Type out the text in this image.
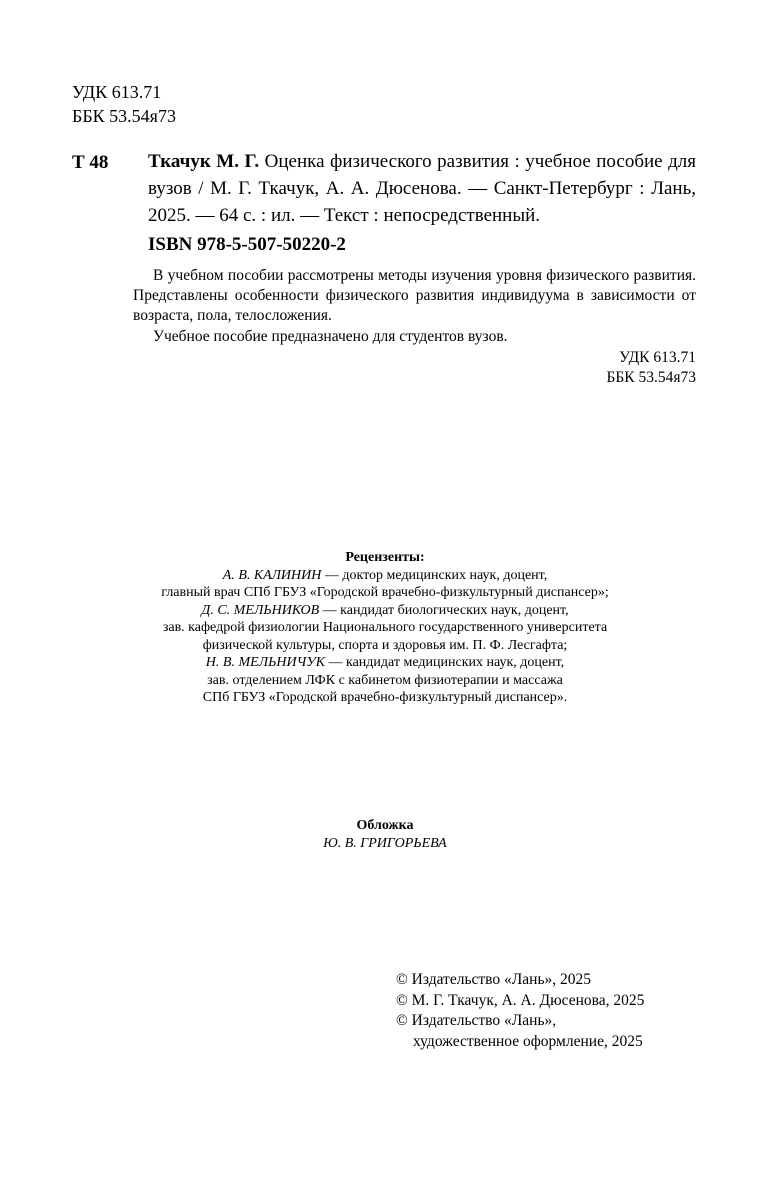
УДК 613.71
ББК 53.54я73
Т 48 Ткачук М. Г. Оценка физического развития : учебное пособие для вузов / М. Г. Ткачук, А. А. Дюсенова. — Санкт-Петербург : Лань, 2025. — 64 с. : ил. — Текст : непосредственный.
ISBN 978-5-507-50220-2

В учебном пособии рассмотрены методы изучения уровня физического развития. Представлены особенности физического развития индивидуума в зависимости от возраста, пола, телосложения.

Учебное пособие предназначено для студентов вузов.

УДК 613.71
ББК 53.54я73
Рецензенты:
А. В. КАЛИНИН — доктор медицинских наук, доцент,
главный врач СПб ГБУЗ «Городской врачебно-физкультурный диспансер»;
Д. С. МЕЛЬНИКОВ — кандидат биологических наук, доцент,
зав. кафедрой физиологии Национального государственного университета
физической культуры, спорта и здоровья им. П. Ф. Лесгафта;
Н. В. МЕЛЬНИЧУК — кандидат медицинских наук, доцент,
зав. отделением ЛФК с кабинетом физиотерапии и массажа
СПб ГБУЗ «Городской врачебно-физкультурный диспансер».
Обложка
Ю. В. ГРИГОРЬЕВА
© Издательство «Лань», 2025
© М. Г. Ткачук, А. А. Дюсенова, 2025
© Издательство «Лань»,
художественное оформление, 2025
